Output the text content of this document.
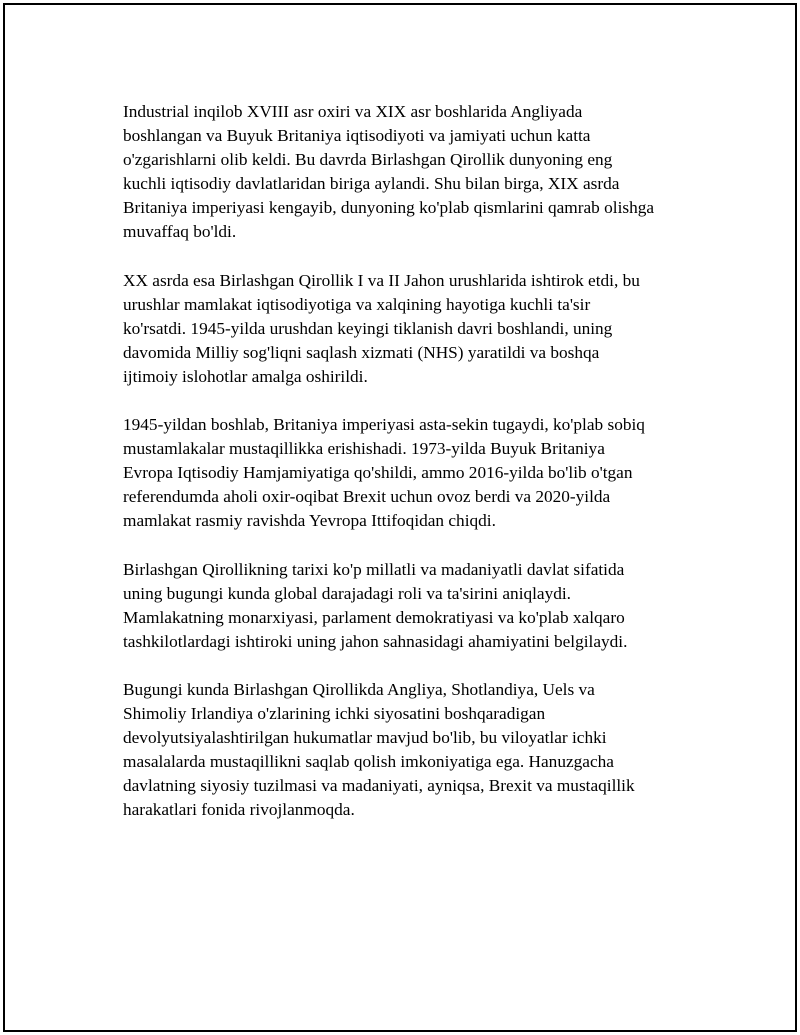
Industrial inqilob XVIII asr oxiri va XIX asr boshlarida Angliyada
boshlangan va Buyuk Britaniya iqtisodiyoti va jamiyati uchun katta
o'zgarishlarni olib keldi. Bu davrda Birlashgan Qirollik dunyoning eng
kuchli iqtisodiy davlatlaridan biriga aylandi. Shu bilan birga, XIX asrda
Britaniya imperiyasi kengayib, dunyoning ko'plab qismlarini qamrab olishga
muvaffaq bo'ldi.

XX asrda esa Birlashgan Qirollik I va II Jahon urushlarida ishtirok etdi, bu
urushlar mamlakat iqtisodiyotiga va xalqining hayotiga kuchli ta'sir
ko'rsatdi. 1945-yilda urushdan keyingi tiklanish davri boshlandi, uning
davomida Milliy sog'liqni saqlash xizmati (NHS) yaratildi va boshqa
ijtimoiy islohotlar amalga oshirildi.

1945-yildan boshlab, Britaniya imperiyasi asta-sekin tugaydi, ko'plab sobiq
mustamlakalar mustaqillikka erishishadi. 1973-yilda Buyuk Britaniya
Evropa Iqtisodiy Hamjamiyatiga qo'shildi, ammo 2016-yilda bo'lib o'tgan
referendumda aholi oxir-oqibat Brexit uchun ovoz berdi va 2020-yilda
mamlakat rasmiy ravishda Yevropa Ittifoqidan chiqdi.

Birlashgan Qirollikning tarixi ko'p millatli va madaniyatli davlat sifatida
uning bugungi kunda global darajadagi roli va ta'sirini aniqlaydi.
Mamlakatning monarxiyasi, parlament demokratiyasi va ko'plab xalqaro
tashkilotlardagi ishtiroki uning jahon sahnasidagi ahamiyatini belgilaydi.

Bugungi kunda Birlashgan Qirollikda Angliya, Shotlandiya, Uels va
Shimoliy Irlandiya o'zlarining ichki siyosatini boshqaradigan
devolyutsiyalashtirilgan hukumatlar mavjud bo'lib, bu viloyatlar ichki
masalalarda mustaqillikni saqlab qolish imkoniyatiga ega. Hanuzgacha
davlatning siyosiy tuzilmasi va madaniyati, ayniqsa, Brexit va mustaqillik
harakatlari fonida rivojlanmoqda.
